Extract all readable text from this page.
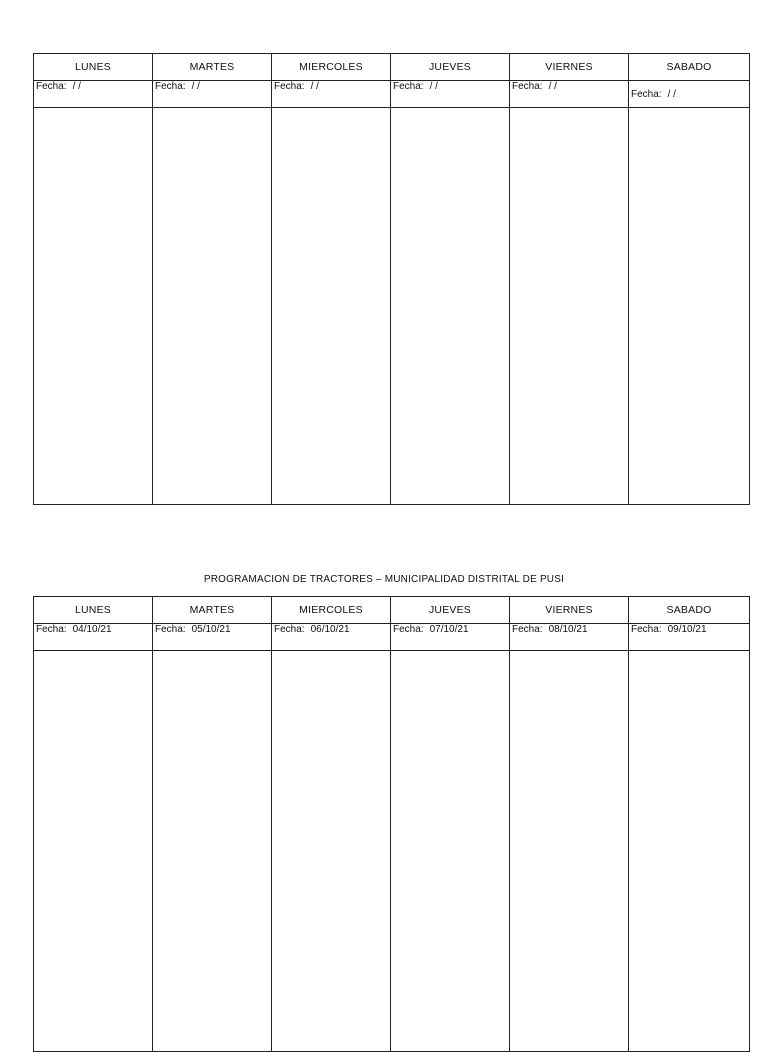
LUNES	MARTES	MIERCOLES	JUEVES	VIERNES	SABADO
Fecha: / /	Fecha: / /	Fecha: / /	Fecha: / /	Fecha: / /	Fecha: / /

PROGRAMACION DE TRACTORES – MUNICIPALIDAD DISTRITAL DE PUSI
LUNES	MARTES	MIERCOLES	JUEVES	VIERNES	SABADO
Fecha: 04/10/21	Fecha: 05/10/21	Fecha: 06/10/21	Fecha: 07/10/21	Fecha: 08/10/21	Fecha: 09/10/21
